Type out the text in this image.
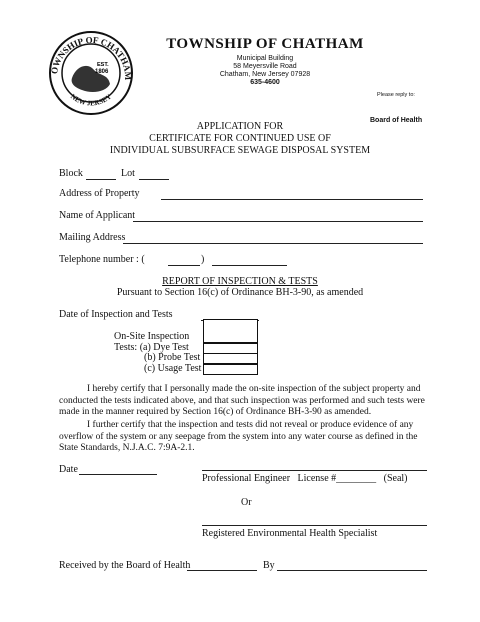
OWNSHIP OF CHATHAM
NEW JERSEY
EST.
1806
TOWNSHIP OF CHATHAM
Municipal Building
58 Meyersville Road
Chatham, New Jersey 07928
635-4600
Please reply to:
Board of Health
APPLICATION FOR
CERTIFICATE FOR CONTINUED USE OF
INDIVIDUAL SUBSURFACE SEWAGE DISPOSAL SYSTEM
Block	Lot
Address of Property
Name of Applicant
Mailing Address
Telephone number : (	)
REPORT OF INSPECTION & TESTS
Pursuant to Section 16(c) of Ordinance BH-3-90, as amended
Date of Inspection and Tests
On-Site Inspection
Tests: (a) Dye Test
(b) Probe Test
(c) Usage Test
I hereby certify that I personally made the on-site inspection of the subject property and conducted the tests indicated above, and that such inspection was performed and such tests were made in the manner required by Section 16(c) of Ordinance BH-3-90 as amended.
I further certify that the inspection and tests did not reveal or produce evidence of any overflow of the system or any seepage from the system into any water course as defined in the State Standards, N.J.A.C. 7:9A-2.1.
Date
Professional Engineer   License #________   (Seal)
Or
Registered Environmental Health Specialist
Received by the Board of Health	By
